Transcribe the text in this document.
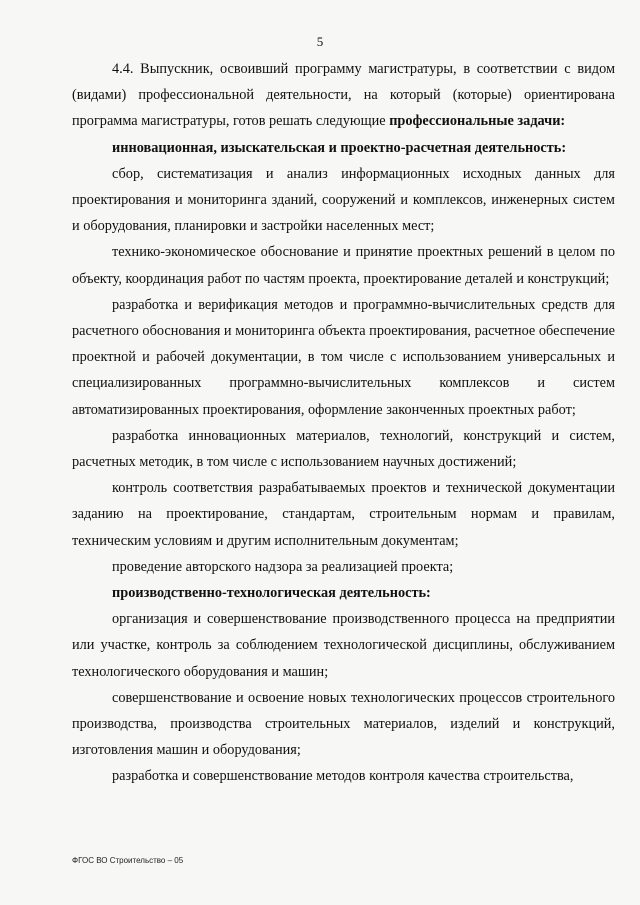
5

4.4. Выпускник, освоивший программу магистратуры, в соответствии с видом (видами) профессиональной деятельности, на который (которые) ориентирована программа магистратуры, готов решать следующие профессиональные задачи:

инновационная, изыскательская и проектно-расчетная деятельность:

сбор, систематизация и анализ информационных исходных данных для проектирования и мониторинга зданий, сооружений и комплексов, инженерных систем и оборудования, планировки и застройки населенных мест;

технико-экономическое обоснование и принятие проектных решений в целом по объекту, координация работ по частям проекта, проектирование деталей и конструкций;

разработка и верификация методов и программно-вычислительных средств для расчетного обоснования и мониторинга объекта проектирования, расчетное обеспечение проектной и рабочей документации, в том числе с использованием универсальных и специализированных программно-вычислительных комплексов и систем автоматизированных проектирования, оформление законченных проектных работ;

разработка инновационных материалов, технологий, конструкций и систем, расчетных методик, в том числе с использованием научных достижений;

контроль соответствия разрабатываемых проектов и технической документации заданию на проектирование, стандартам, строительным нормам и правилам, техническим условиям и другим исполнительным документам;

проведение авторского надзора за реализацией проекта;

производственно-технологическая деятельность:

организация и совершенствование производственного процесса на предприятии или участке, контроль за соблюдением технологической дисциплины, обслуживанием технологического оборудования и машин;

совершенствование и освоение новых технологических процессов строительного производства, производства строительных материалов, изделий и конструкций, изготовления машин и оборудования;

разработка и совершенствование методов контроля качества строительства,

ФГОС ВО Строительство – 05
